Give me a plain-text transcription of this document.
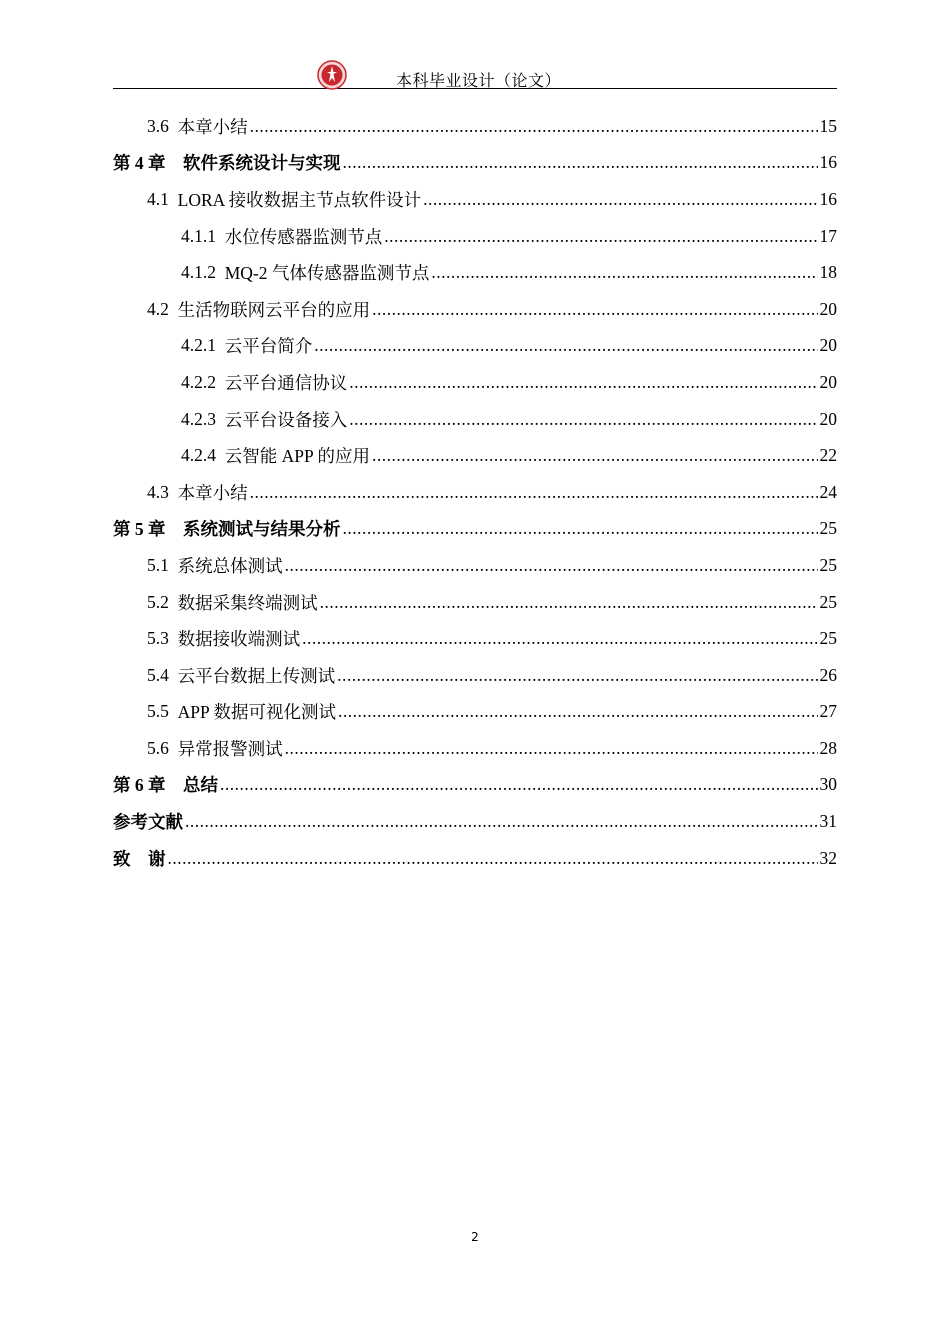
本科毕业设计（论文）
3.6 本章小结 .....	15
第 4 章 软件系统设计与实现 .....	16
4.1 LORA 接收数据主节点软件设计 .....	16
4.1.1 水位传感器监测节点 .....	17
4.1.2 MQ-2 气体传感器监测节点 .....	18
4.2 生活物联网云平台的应用 .....	20
4.2.1 云平台简介 .....	20
4.2.2 云平台通信协议 .....	20
4.2.3 云平台设备接入 .....	20
4.2.4 云智能 APP 的应用 .....	22
4.3 本章小结 .....	24
第 5 章 系统测试与结果分析 .....	25
5.1 系统总体测试 .....	25
5.2 数据采集终端测试 .....	25
5.3 数据接收端测试 .....	25
5.4 云平台数据上传测试 .....	26
5.5 APP 数据可视化测试 .....	27
5.6 异常报警测试 .....	28
第 6 章 总结 .....	30
参考文献 .....	31
致    谢 .....	32
2
